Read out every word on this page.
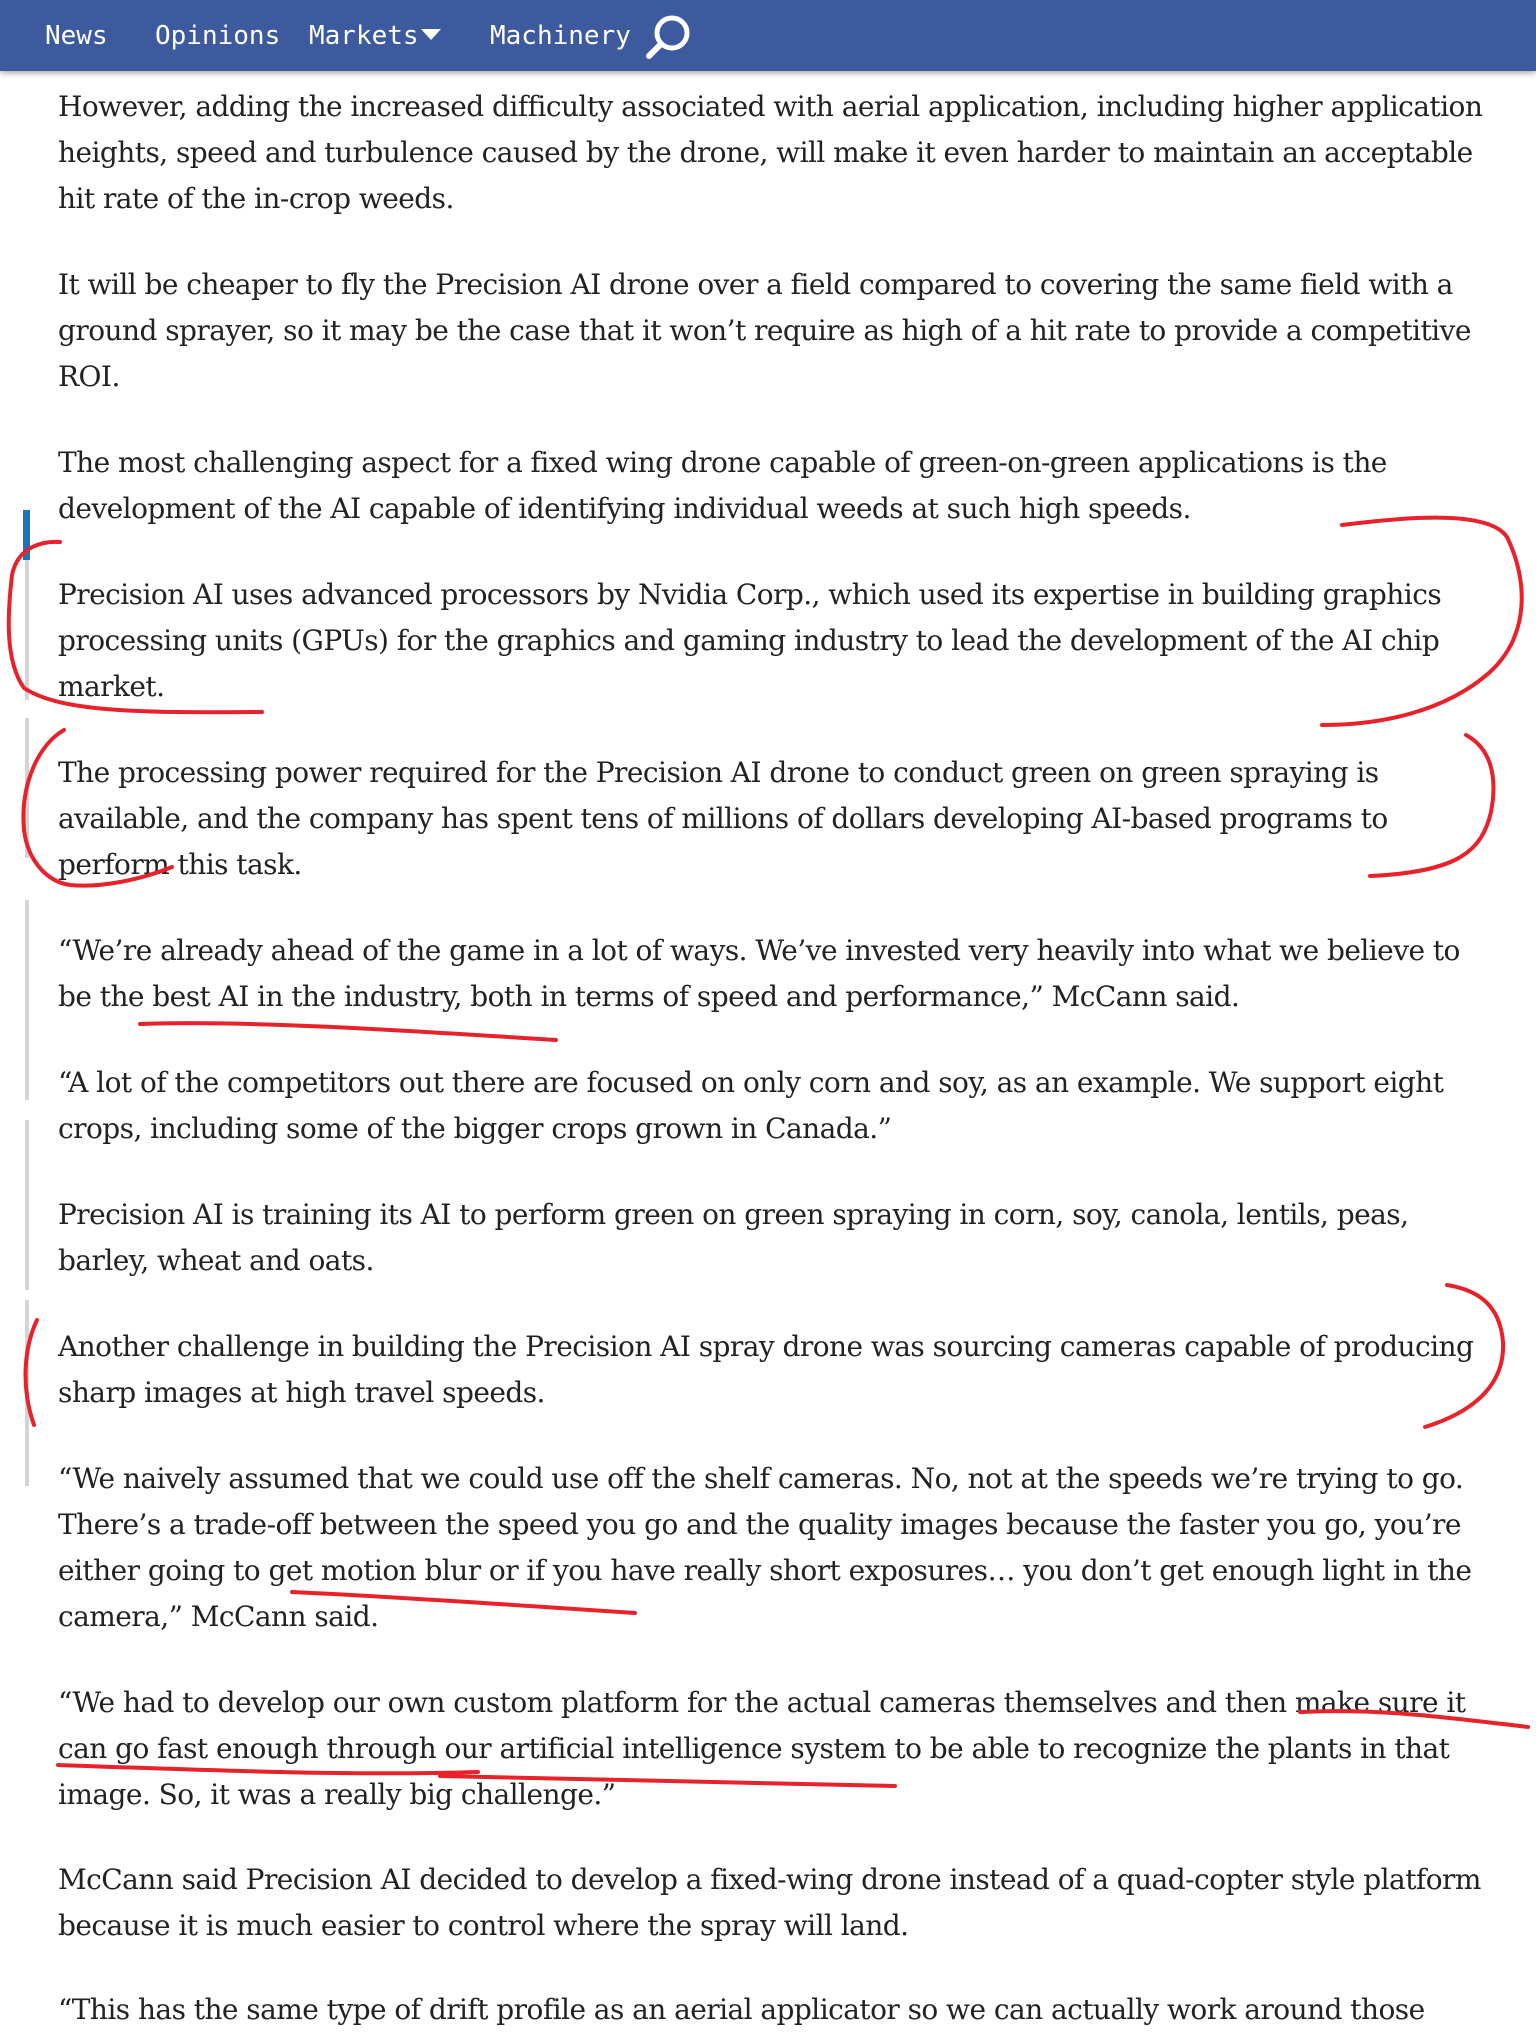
News Opinions Markets	Machinery

However, adding the increased difficulty associated with aerial application, including higher application heights, speed and turbulence caused by the drone, will make it even harder to maintain an acceptable hit rate of the in-crop weeds.

It will be cheaper to fly the Precision AI drone over a field compared to covering the same field with a ground sprayer, so it may be the case that it won’t require as high of a hit rate to provide a competitive ROI.

The most challenging aspect for a fixed wing drone capable of green-on-green applications is the development of the AI capable of identifying individual weeds at such high speeds.

Precision AI uses advanced processors by Nvidia Corp., which used its expertise in building graphics processing units (GPUs) for the graphics and gaming industry to lead the development of the AI chip market.

The processing power required for the Precision AI drone to conduct green on green spraying is available, and the company has spent tens of millions of dollars developing AI-based programs to perform this task.

“We’re already ahead of the game in a lot of ways. We’ve invested very heavily into what we believe to be the best AI in the industry, both in terms of speed and performance,” McCann said.

“A lot of the competitors out there are focused on only corn and soy, as an example. We support eight crops, including some of the bigger crops grown in Canada.”

Precision AI is training its AI to perform green on green spraying in corn, soy, canola, lentils, peas, barley, wheat and oats.

Another challenge in building the Precision AI spray drone was sourcing cameras capable of producing sharp images at high travel speeds.

“We naively assumed that we could use off the shelf cameras. No, not at the speeds we’re trying to go. There’s a trade-off between the speed you go and the quality images because the faster you go, you’re either going to get motion blur or if you have really short exposures… you don’t get enough light in the camera,” McCann said.

“We had to develop our own custom platform for the actual cameras themselves and then make sure it can go fast enough through our artificial intelligence system to be able to recognize the plants in that image. So, it was a really big challenge.”

McCann said Precision AI decided to develop a fixed-wing drone instead of a quad-copter style platform because it is much easier to control where the spray will land.

“This has the same type of drift profile as an aerial applicator so we can actually work around those
